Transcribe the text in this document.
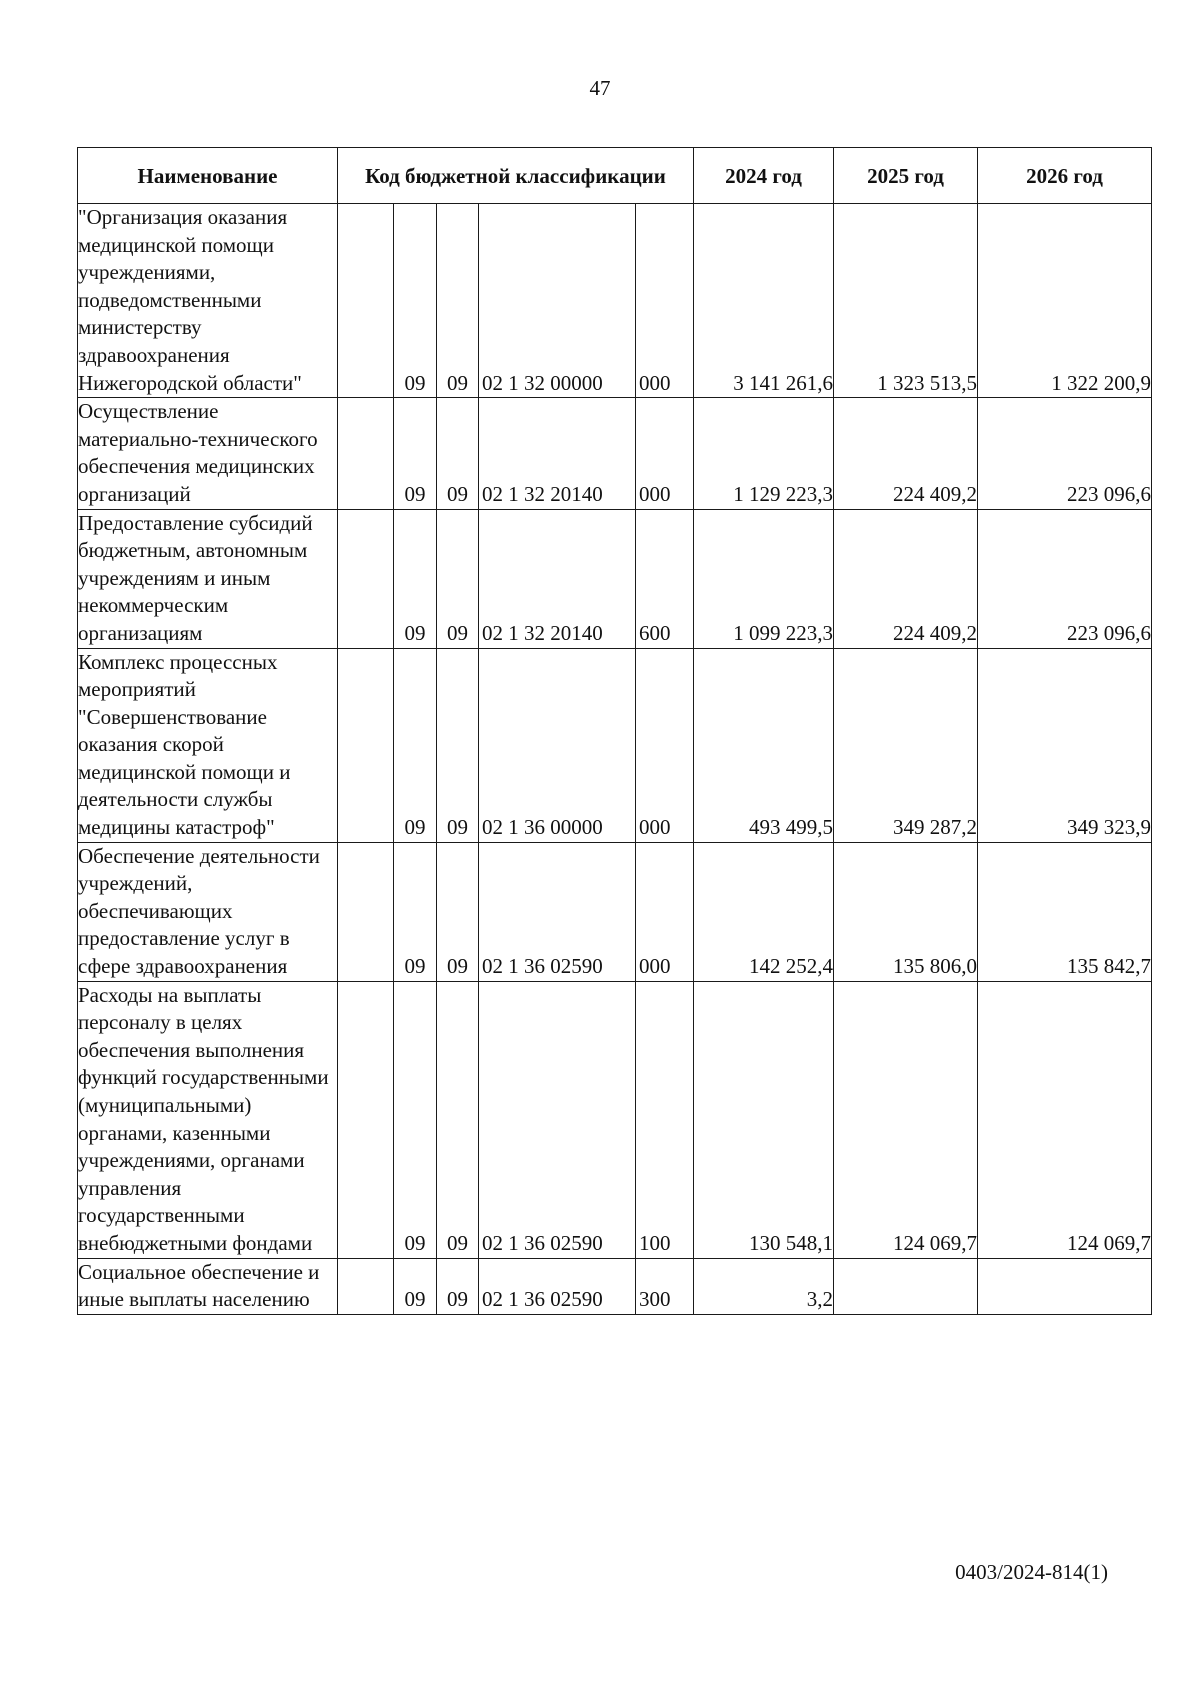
47
Наименование	Код бюджетной классификации					2024 год	2025 год	2026 год
"Организация оказания медицинской помощи учреждениями, подведомственными министерству здравоохранения Нижегородской области"		09	09	02 1 32 00000	000	3 141 261,6	1 323 513,5	1 322 200,9
Осуществление материально-технического обеспечения медицинских организаций		09	09	02 1 32 20140	000	1 129 223,3	224 409,2	223 096,6
Предоставление субсидий бюджетным, автономным учреждениям и иным некоммерческим организациям		09	09	02 1 32 20140	600	1 099 223,3	224 409,2	223 096,6
Комплекс процессных мероприятий "Совершенствование оказания скорой медицинской помощи и деятельности службы медицины катастроф"		09	09	02 1 36 00000	000	493 499,5	349 287,2	349 323,9
Обеспечение деятельности учреждений, обеспечивающих предоставление услуг в сфере здравоохранения		09	09	02 1 36 02590	000	142 252,4	135 806,0	135 842,7
Расходы на выплаты персоналу в целях обеспечения выполнения функций государственными (муниципальными) органами, казенными учреждениями, органами управления государственными внебюджетными фондами		09	09	02 1 36 02590	100	130 548,1	124 069,7	124 069,7
Социальное обеспечение и иные выплаты населению		09	09	02 1 36 02590	300	3,2		
0403/2024-814(1)
